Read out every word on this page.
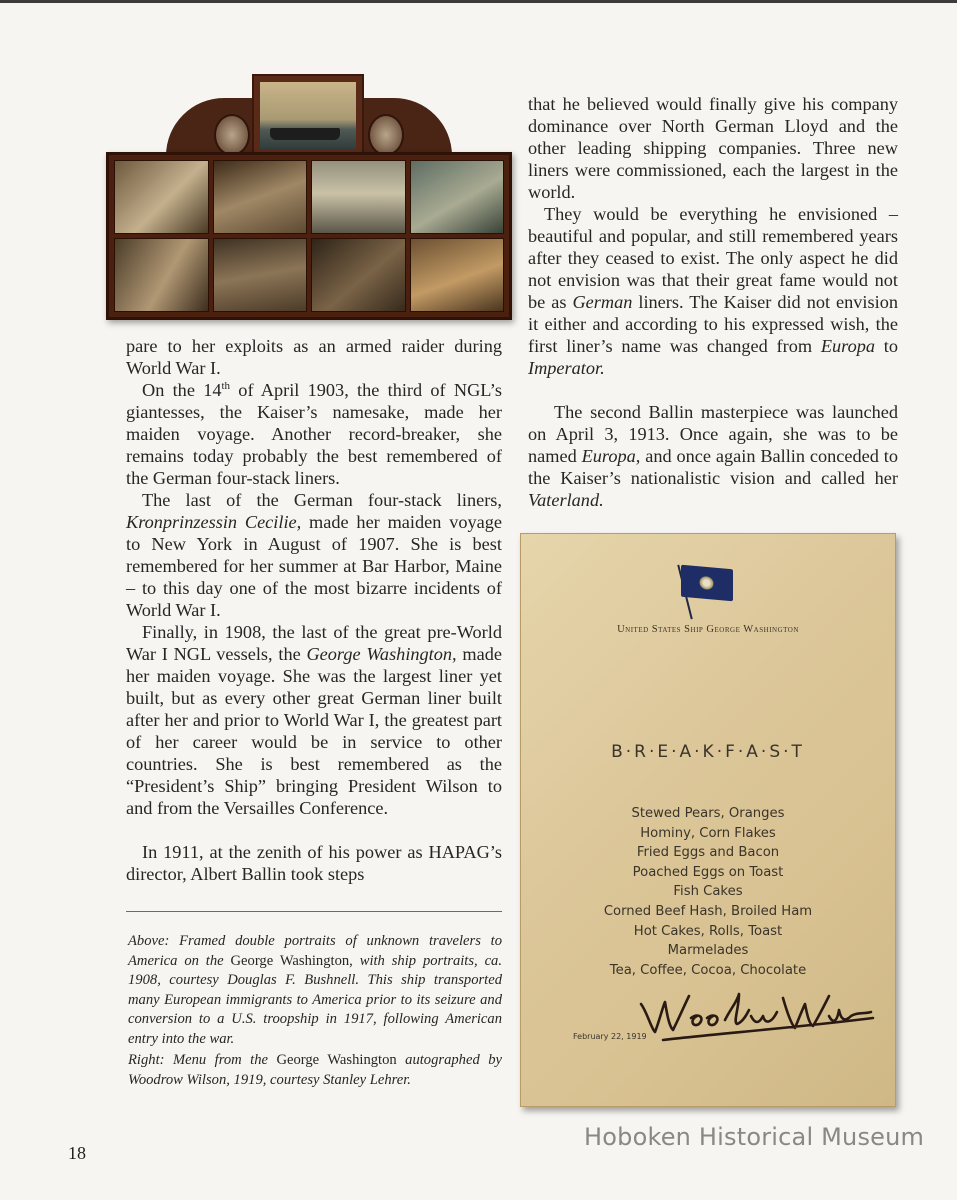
pare to her exploits as an armed raider during World War I.

On the 14th of April 1903, the third of NGL’s giantesses, the Kaiser’s namesake, made her maiden voyage. Another record-breaker, she remains today probably the best remembered of the German four-stack liners.

The last of the German four-stack liners, Kronprinzessin Cecilie, made her maiden voyage to New York in August of 1907. She is best remembered for her summer at Bar Harbor, Maine – to this day one of the most bizarre incidents of World War I.

Finally, in 1908, the last of the great pre-World War I NGL vessels, the George Washington, made her maiden voyage. She was the largest liner yet built, but as every other great German liner built after her and prior to World War I, the greatest part of her career would be in service to other countries. She is best remembered as the “President’s Ship” bringing President Wilson to and from the Versailles Conference.

In 1911, at the zenith of his power as HAPAG’s director, Albert Ballin took steps

that he believed would finally give his company dominance over North German Lloyd and the other leading shipping companies. Three new liners were commissioned, each the largest in the world.

They would be everything he envisioned – beautiful and popular, and still remembered years after they ceased to exist. The only aspect he did not envision was that their great fame would not be as German liners. The Kaiser did not envision it either and according to his expressed wish, the first liner’s name was changed from Europa to Imperator.

The second Ballin masterpiece was launched on April 3, 1913. Once again, she was to be named Europa, and once again Ballin conceded to the Kaiser’s nationalistic vision and called her Vaterland.

Above: Framed double portraits of unknown travelers to America on the George Washington, with ship portraits, ca. 1908, courtesy Douglas F. Bushnell. This ship transported many European immigrants to America prior to its seizure and conversion to a U.S. troopship in 1917, following American entry into the war.

Right: Menu from the George Washington autographed by Woodrow Wilson, 1919, courtesy Stanley Lehrer.

United States Ship George Washington
B·R·E·A·K·F·A·S·T
Stewed Pears, Oranges
Hominy, Corn Flakes
Fried Eggs and Bacon
Poached Eggs on Toast
Fish Cakes
Corned Beef Hash, Broiled Ham
Hot Cakes, Rolls, Toast
Marmelades
Tea, Coffee, Cocoa, Chocolate
February 22, 1919
18
Hoboken Historical Museum
